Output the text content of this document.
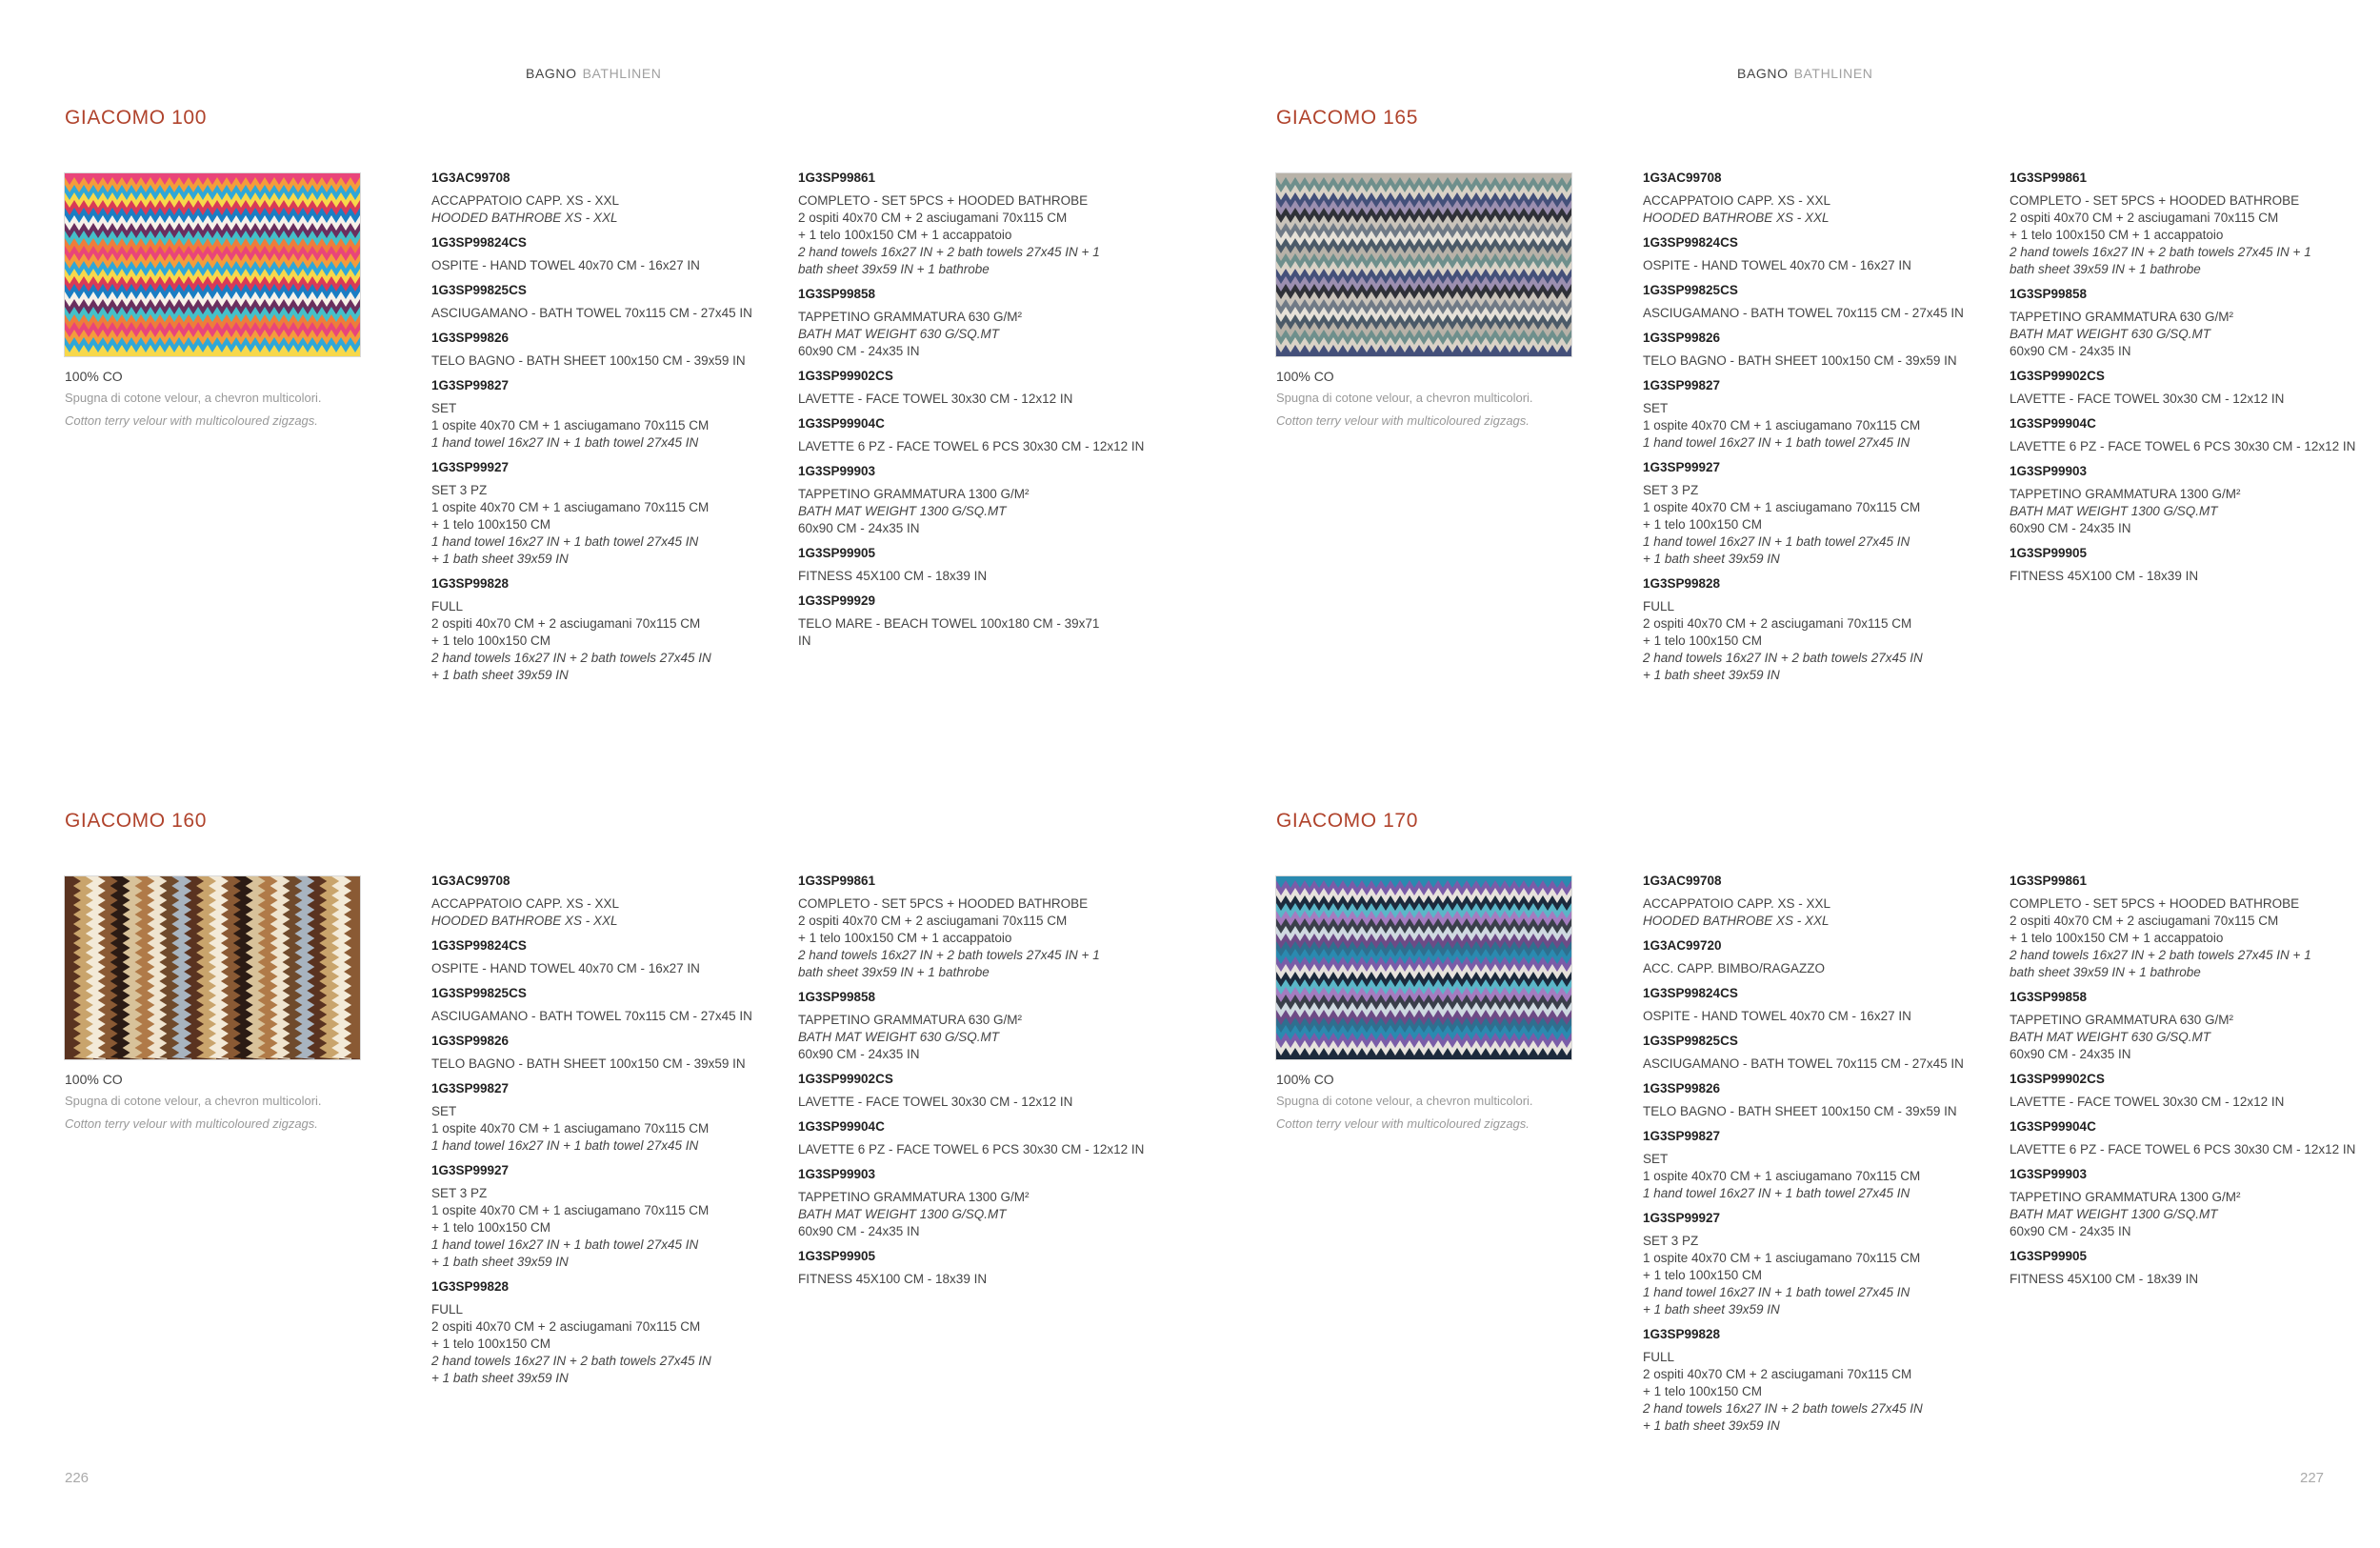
BAGNO BATHLINEN	BAGNO BATHLINEN
GIACOMO 100

100% CO

Spugna di cotone velour, a chevron multicolori.

Cotton terry velour with multicoloured zigzags.

1G3AC99708

ACCAPPATOIO CAPP. XS - XXL

HOODED BATHROBE XS - XXL

1G3SP99824CS

OSPITE - HAND TOWEL 40x70 CM - 16x27 IN

1G3SP99825CS

ASCIUGAMANO - BATH TOWEL 70x115 CM - 27x45 IN

1G3SP99826

TELO BAGNO - BATH SHEET 100x150 CM - 39x59 IN

1G3SP99827

SET

1 ospite 40x70 CM + 1 asciugamano 70x115 CM

1 hand towel 16x27 IN + 1 bath towel 27x45 IN

1G3SP99927

SET 3 PZ

1 ospite 40x70 CM + 1 asciugamano 70x115 CM

+ 1 telo 100x150 CM

1 hand towel 16x27 IN + 1 bath towel 27x45 IN

+ 1 bath sheet 39x59 IN

1G3SP99828

FULL

2 ospiti 40x70 CM + 2 asciugamani 70x115 CM

+ 1 telo 100x150 CM

2 hand towels 16x27 IN + 2 bath towels 27x45 IN

+ 1 bath sheet 39x59 IN

1G3SP99861

COMPLETO - SET 5PCS + HOODED BATHROBE

2 ospiti 40x70 CM + 2 asciugamani 70x115 CM

+ 1 telo 100x150 CM + 1 accappatoio

2 hand towels 16x27 IN + 2 bath towels 27x45 IN + 1

bath sheet 39x59 IN + 1 bathrobe

1G3SP99858

TAPPETINO GRAMMATURA 630 G/M²

BATH MAT WEIGHT 630 G/SQ.MT

60x90 CM - 24x35 IN

1G3SP99902CS

LAVETTE - FACE TOWEL 30x30 CM - 12x12 IN

1G3SP99904C

LAVETTE 6 PZ - FACE TOWEL 6 PCS 30x30 CM - 12x12 IN

1G3SP99903

TAPPETINO GRAMMATURA 1300 G/M²

BATH MAT WEIGHT 1300 G/SQ.MT

60x90 CM - 24x35 IN

1G3SP99905

FITNESS 45X100 CM - 18x39 IN

1G3SP99929

TELO MARE - BEACH TOWEL 100x180 CM - 39x71

IN

GIACOMO 165

100% CO

Spugna di cotone velour, a chevron multicolori.

Cotton terry velour with multicoloured zigzags.

1G3AC99708

ACCAPPATOIO CAPP. XS - XXL

HOODED BATHROBE XS - XXL

1G3SP99824CS

OSPITE - HAND TOWEL 40x70 CM - 16x27 IN

1G3SP99825CS

ASCIUGAMANO - BATH TOWEL 70x115 CM - 27x45 IN

1G3SP99826

TELO BAGNO - BATH SHEET 100x150 CM - 39x59 IN

1G3SP99827

SET

1 ospite 40x70 CM + 1 asciugamano 70x115 CM

1 hand towel 16x27 IN + 1 bath towel 27x45 IN

1G3SP99927

SET 3 PZ

1 ospite 40x70 CM + 1 asciugamano 70x115 CM

+ 1 telo 100x150 CM

1 hand towel 16x27 IN + 1 bath towel 27x45 IN

+ 1 bath sheet 39x59 IN

1G3SP99828

FULL

2 ospiti 40x70 CM + 2 asciugamani 70x115 CM

+ 1 telo 100x150 CM

2 hand towels 16x27 IN + 2 bath towels 27x45 IN

+ 1 bath sheet 39x59 IN

1G3SP99861

COMPLETO - SET 5PCS + HOODED BATHROBE

2 ospiti 40x70 CM + 2 asciugamani 70x115 CM

+ 1 telo 100x150 CM + 1 accappatoio

2 hand towels 16x27 IN + 2 bath towels 27x45 IN + 1

bath sheet 39x59 IN + 1 bathrobe

1G3SP99858

TAPPETINO GRAMMATURA 630 G/M²

BATH MAT WEIGHT 630 G/SQ.MT

60x90 CM - 24x35 IN

1G3SP99902CS

LAVETTE - FACE TOWEL 30x30 CM - 12x12 IN

1G3SP99904C

LAVETTE 6 PZ - FACE TOWEL 6 PCS 30x30 CM - 12x12 IN

1G3SP99903

TAPPETINO GRAMMATURA 1300 G/M²

BATH MAT WEIGHT 1300 G/SQ.MT

60x90 CM - 24x35 IN

1G3SP99905

FITNESS 45X100 CM - 18x39 IN

GIACOMO 160

100% CO

Spugna di cotone velour, a chevron multicolori.

Cotton terry velour with multicoloured zigzags.

1G3AC99708

ACCAPPATOIO CAPP. XS - XXL

HOODED BATHROBE XS - XXL

1G3SP99824CS

OSPITE - HAND TOWEL 40x70 CM - 16x27 IN

1G3SP99825CS

ASCIUGAMANO - BATH TOWEL 70x115 CM - 27x45 IN

1G3SP99826

TELO BAGNO - BATH SHEET 100x150 CM - 39x59 IN

1G3SP99827

SET

1 ospite 40x70 CM + 1 asciugamano 70x115 CM

1 hand towel 16x27 IN + 1 bath towel 27x45 IN

1G3SP99927

SET 3 PZ

1 ospite 40x70 CM + 1 asciugamano 70x115 CM

+ 1 telo 100x150 CM

1 hand towel 16x27 IN + 1 bath towel 27x45 IN

+ 1 bath sheet 39x59 IN

1G3SP99828

FULL

2 ospiti 40x70 CM + 2 asciugamani 70x115 CM

+ 1 telo 100x150 CM

2 hand towels 16x27 IN + 2 bath towels 27x45 IN

+ 1 bath sheet 39x59 IN

1G3SP99861

COMPLETO - SET 5PCS + HOODED BATHROBE

2 ospiti 40x70 CM + 2 asciugamani 70x115 CM

+ 1 telo 100x150 CM + 1 accappatoio

2 hand towels 16x27 IN + 2 bath towels 27x45 IN + 1

bath sheet 39x59 IN + 1 bathrobe

1G3SP99858

TAPPETINO GRAMMATURA 630 G/M²

BATH MAT WEIGHT 630 G/SQ.MT

60x90 CM - 24x35 IN

1G3SP99902CS

LAVETTE - FACE TOWEL 30x30 CM - 12x12 IN

1G3SP99904C

LAVETTE 6 PZ - FACE TOWEL 6 PCS 30x30 CM - 12x12 IN

1G3SP99903

TAPPETINO GRAMMATURA 1300 G/M²

BATH MAT WEIGHT 1300 G/SQ.MT

60x90 CM - 24x35 IN

1G3SP99905

FITNESS 45X100 CM - 18x39 IN

GIACOMO 170

100% CO

Spugna di cotone velour, a chevron multicolori.

Cotton terry velour with multicoloured zigzags.

1G3AC99708

ACCAPPATOIO CAPP. XS - XXL

HOODED BATHROBE XS - XXL

1G3AC99720

ACC. CAPP. BIMBO/RAGAZZO

1G3SP99824CS

OSPITE - HAND TOWEL 40x70 CM - 16x27 IN

1G3SP99825CS

ASCIUGAMANO - BATH TOWEL 70x115 CM - 27x45 IN

1G3SP99826

TELO BAGNO - BATH SHEET 100x150 CM - 39x59 IN

1G3SP99827

SET

1 ospite 40x70 CM + 1 asciugamano 70x115 CM

1 hand towel 16x27 IN + 1 bath towel 27x45 IN

1G3SP99927

SET 3 PZ

1 ospite 40x70 CM + 1 asciugamano 70x115 CM

+ 1 telo 100x150 CM

1 hand towel 16x27 IN + 1 bath towel 27x45 IN

+ 1 bath sheet 39x59 IN

1G3SP99828

FULL

2 ospiti 40x70 CM + 2 asciugamani 70x115 CM

+ 1 telo 100x150 CM

2 hand towels 16x27 IN + 2 bath towels 27x45 IN

+ 1 bath sheet 39x59 IN

1G3SP99861

COMPLETO - SET 5PCS + HOODED BATHROBE

2 ospiti 40x70 CM + 2 asciugamani 70x115 CM

+ 1 telo 100x150 CM + 1 accappatoio

2 hand towels 16x27 IN + 2 bath towels 27x45 IN + 1

bath sheet 39x59 IN + 1 bathrobe

1G3SP99858

TAPPETINO GRAMMATURA 630 G/M²

BATH MAT WEIGHT 630 G/SQ.MT

60x90 CM - 24x35 IN

1G3SP99902CS

LAVETTE - FACE TOWEL 30x30 CM - 12x12 IN

1G3SP99904C

LAVETTE 6 PZ - FACE TOWEL 6 PCS 30x30 CM - 12x12 IN

1G3SP99903

TAPPETINO GRAMMATURA 1300 G/M²

BATH MAT WEIGHT 1300 G/SQ.MT

60x90 CM - 24x35 IN

1G3SP99905

FITNESS 45X100 CM - 18x39 IN

226	227
